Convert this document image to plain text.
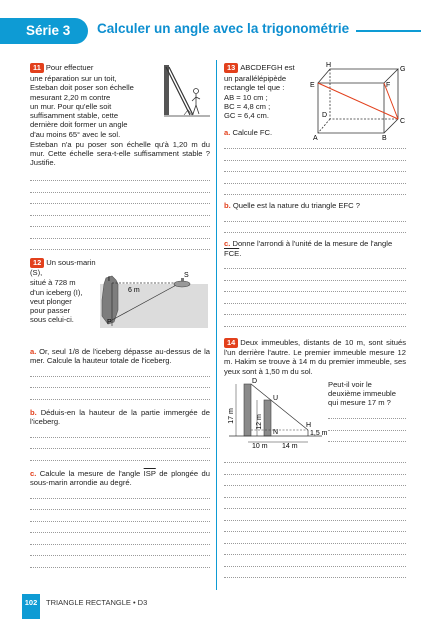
Série 3	Calculer un angle avec la trigonométrie
11 Pour effectuer
une réparation sur un toit,
Esteban doit poser son échelle
mesurant 2,20 m contre
un mur. Pour qu'elle soit
suffisamment stable, cette
dernière doit former un angle
d'au moins 65° avec le sol.
Esteban n'a pu poser son échelle qu'à 1,20 m du mur. Cette échelle sera-t-elle suffisamment stable ? Justifie.
12 Un sous-marin (S),
situé à 728 m
d'un iceberg (I),
veut plonger
pour passer
sous celui-ci.
I
S
P
6 m
a. Or, seul 1/8 de l'iceberg dépasse au-dessus de la mer. Calcule la hauteur totale de l'iceberg.
b. Déduis-en la hauteur de la partie immergée de l'iceberg.
c. Calcule la mesure de l'angle $\overline{ISP}$ de plongée du sous-marin arrondie au degré.
13 ABCDEFGH est
un parallélépipède
rectangle tel que :
AB = 10 cm ;
BC = 4,8 cm ;
GC = 6,4 cm.
A	B
C
D
E	F
G
H
a. Calcule FC.
b. Quelle est la nature du triangle EFC ?
c. Donne l'arrondi à l'unité de la mesure de l'angle $\overline{FCE}$.
14 Deux immeubles, distants de 10 m, sont situés l'un derrière l'autre. Le premier immeuble mesure 12 m. Hakim se trouve à 14 m du premier immeuble, ses yeux sont à 1,50 m du sol.
D
U
H
N
17 m	12 m
1,5 m
10 m 14 m
Peut-il voir le
deuxième immeuble
qui mesure 17 m ?
102	TRIANGLE RECTANGLE • D3
